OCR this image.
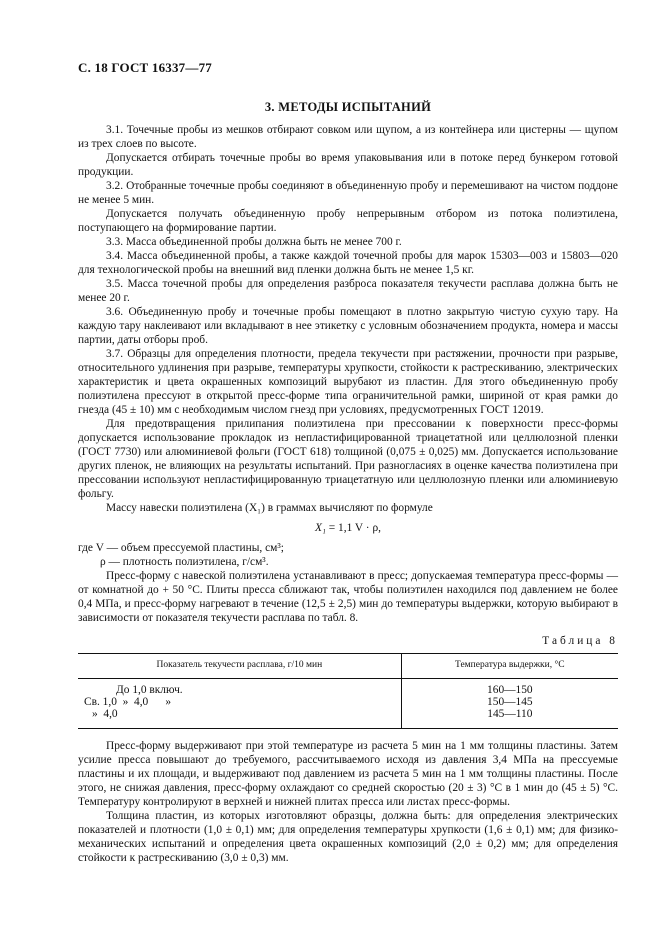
С. 18 ГОСТ 16337—77
3. МЕТОДЫ ИСПЫТАНИЙ

3.1. Точечные пробы из мешков отбирают совком или щупом, а из контейнера или цистерны — щупом из трех слоев по высоте.

Допускается отбирать точечные пробы во время упаковывания или в потоке перед бункером готовой продукции.

3.2. Отобранные точечные пробы соединяют в объединенную пробу и перемешивают на чистом поддоне не менее 5 мин.

Допускается получать объединенную пробу непрерывным отбором из потока полиэтилена, поступающего на формирование партии.

3.3. Масса объединенной пробы должна быть не менее 700 г.

3.4. Масса объединенной пробы, а также каждой точечной пробы для марок 15303—003 и 15803—020 для технологической пробы на внешний вид пленки должна быть не менее 1,5 кг.

3.5. Масса точечной пробы для определения разброса показателя текучести расплава должна быть не менее 20 г.

3.6. Объединенную пробу и точечные пробы помещают в плотно закрытую чистую сухую тару. На каждую тару наклеивают или вкладывают в нее этикетку с условным обозначением продукта, номера и массы партии, даты отборы проб.

3.7. Образцы для определения плотности, предела текучести при растяжении, прочности при разрыве, относительного удлинения при разрыве, температуры хрупкости, стойкости к растрескиванию, электрических характеристик и цвета окрашенных композиций вырубают из пластин. Для этого объединенную пробу полиэтилена прессуют в открытой пресс-форме типа ограничительной рамки, шириной от края рамки до гнезда (45 ± 10) мм с необходимым числом гнезд при условиях, предусмотренных ГОСТ 12019.

Для предотвращения прилипания полиэтилена при прессовании к поверхности пресс-формы допускается использование прокладок из непластифицированной триацетатной или целлюлозной пленки (ГОСТ 7730) или алюминиевой фольги (ГОСТ 618) толщиной (0,075 ± 0,025) мм. Допускается использование других пленок, не влияющих на результаты испытаний. При разногласиях в оценке качества полиэтилена при прессовании используют непластифицированную триацетатную или целлюлозную пленки или алюминиевую фольгу.

Массу навески полиэтилена (X₁) в граммах вычисляют по формуле

X₁ = 1,1 V · ρ,
где V — объем прессуемой пластины, см³;
ρ — плотность полиэтилена, г/см³.

Пресс-форму с навеской полиэтилена устанавливают в пресс; допускаемая температура пресс-формы — от комнатной до + 50 °С. Плиты пресса сближают так, чтобы полиэтилен находился под давлением не более 0,4 МПа, и пресс-форму нагревают в течение (12,5 ± 2,5) мин до температуры выдержки, которую выбирают в зависимости от показателя текучести расплава по табл. 8.

Таблица 8
Показатель текучести расплава, г/10 мин	Температура выдержки, °С
До 1,0 включ.	160—150
Св. 1,0  »  4,0      »	150—145
»  4,0	145—110

Пресс-форму выдерживают при этой температуре из расчета 5 мин на 1 мм толщины пластины. Затем усилие пресса повышают до требуемого, рассчитываемого исходя из давления 3,4 МПа на прессуемые пластины и их площади, и выдерживают под давлением из расчета 5 мин на 1 мм толщины пластины. После этого, не снижая давления, пресс-форму охлаждают со средней скоростью (20 ± 3) °С в 1 мин до (45 ± 5) °С. Температуру контролируют в верхней и нижней плитах пресса или листах пресс-формы.

Толщина пластин, из которых изготовляют образцы, должна быть: для определения электрических показателей и плотности (1,0 ± 0,1) мм; для определения температуры хрупкости (1,6 ± 0,1) мм; для физико-механических испытаний и определения цвета окрашенных композиций (2,0 ± 0,2) мм; для определения стойкости к растрескиванию (3,0 ± 0,3) мм.
